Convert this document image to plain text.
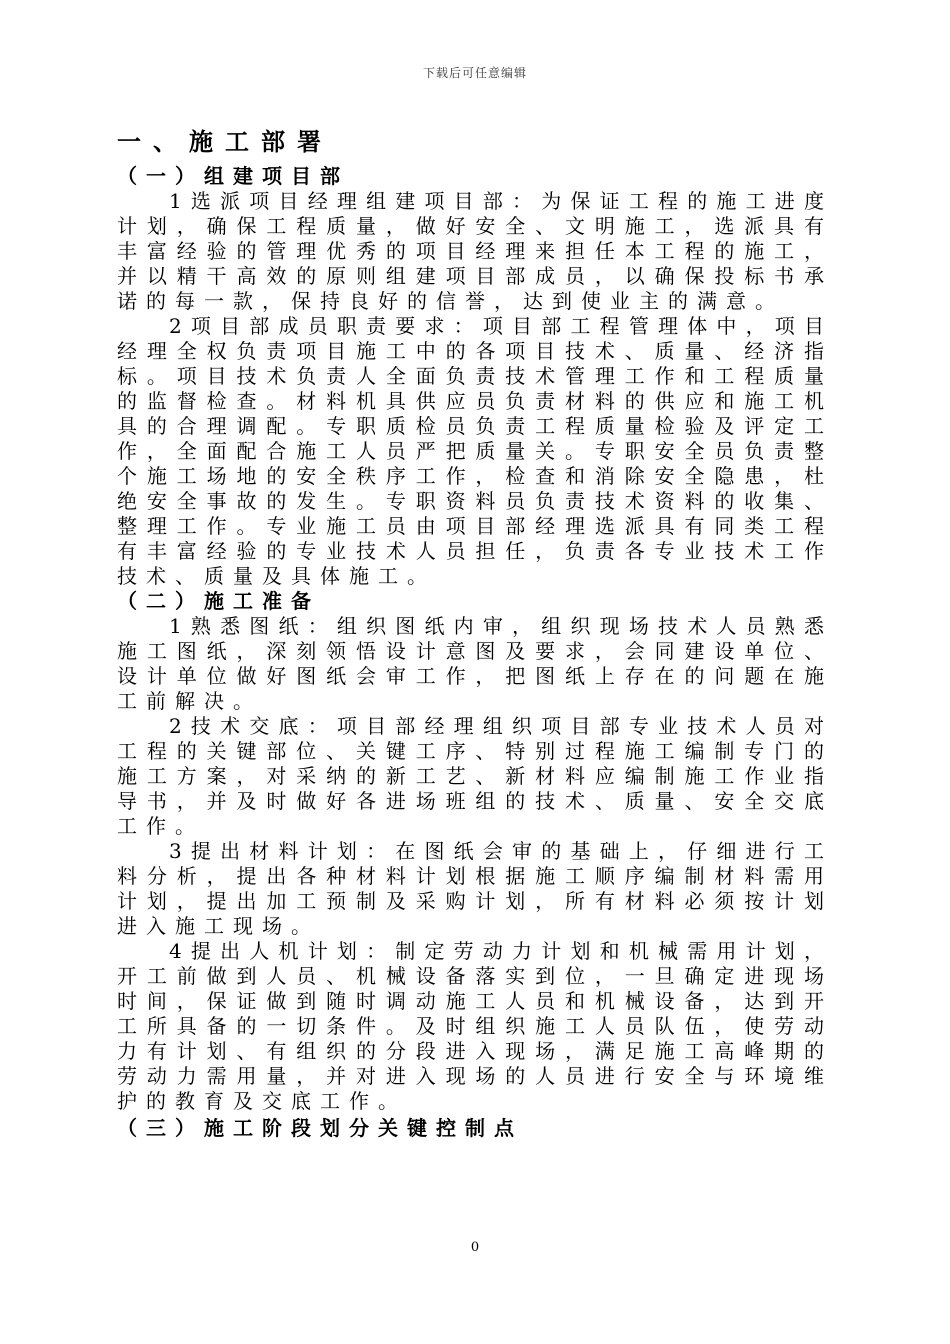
下载后可任意编辑
一、施工部署
（一）组建项目部

1选派项目经理组建项目部：为保证工程的施工进度计划，确保工程质量，做好安全、文明施工，选派具有丰富经验的管理优秀的项目经理来担任本工程的施工，并以精干高效的原则组建项目部成员，以确保投标书承诺的每一款，保持良好的信誉，达到使业主的满意。

2项目部成员职责要求：项目部工程管理体中，项目经理全权负责项目施工中的各项目技术、质量、经济指标。项目技术负责人全面负责技术管理工作和工程质量的监督检查。材料机具供应员负责材料的供应和施工机具的合理调配。专职质检员负责工程质量检验及评定工作，全面配合施工人员严把质量关。专职安全员负责整个施工场地的安全秩序工作，检查和消除安全隐患，杜绝安全事故的发生。专职资料员负责技术资料的收集、整理工作。专业施工员由项目部经理选派具有同类工程有丰富经验的专业技术人员担任，负责各专业技术工作技术、质量及具体施工。

（二）施工准备

1熟悉图纸：组织图纸内审，组织现场技术人员熟悉施工图纸，深刻领悟设计意图及要求，会同建设单位、设计单位做好图纸会审工作，把图纸上存在的问题在施工前解决。

2技术交底：项目部经理组织项目部专业技术人员对工程的关键部位、关键工序、特别过程施工编制专门的施工方案，对采纳的新工艺、新材料应编制施工作业指导书，并及时做好各进场班组的技术、质量、安全交底工作。

3提出材料计划：在图纸会审的基础上，仔细进行工料分析，提出各种材料计划根据施工顺序编制材料需用计划，提出加工预制及采购计划，所有材料必须按计划进入施工现场。

4提出人机计划：制定劳动力计划和机械需用计划，开工前做到人员、机械设备落实到位，一旦确定进现场时间，保证做到随时调动施工人员和机械设备，达到开工所具备的一切条件。及时组织施工人员队伍，使劳动力有计划、有组织的分段进入现场，满足施工高峰期的劳动力需用量，并对进入现场的人员进行安全与环境维护的教育及交底工作。

（三）施工阶段划分关键控制点
0
